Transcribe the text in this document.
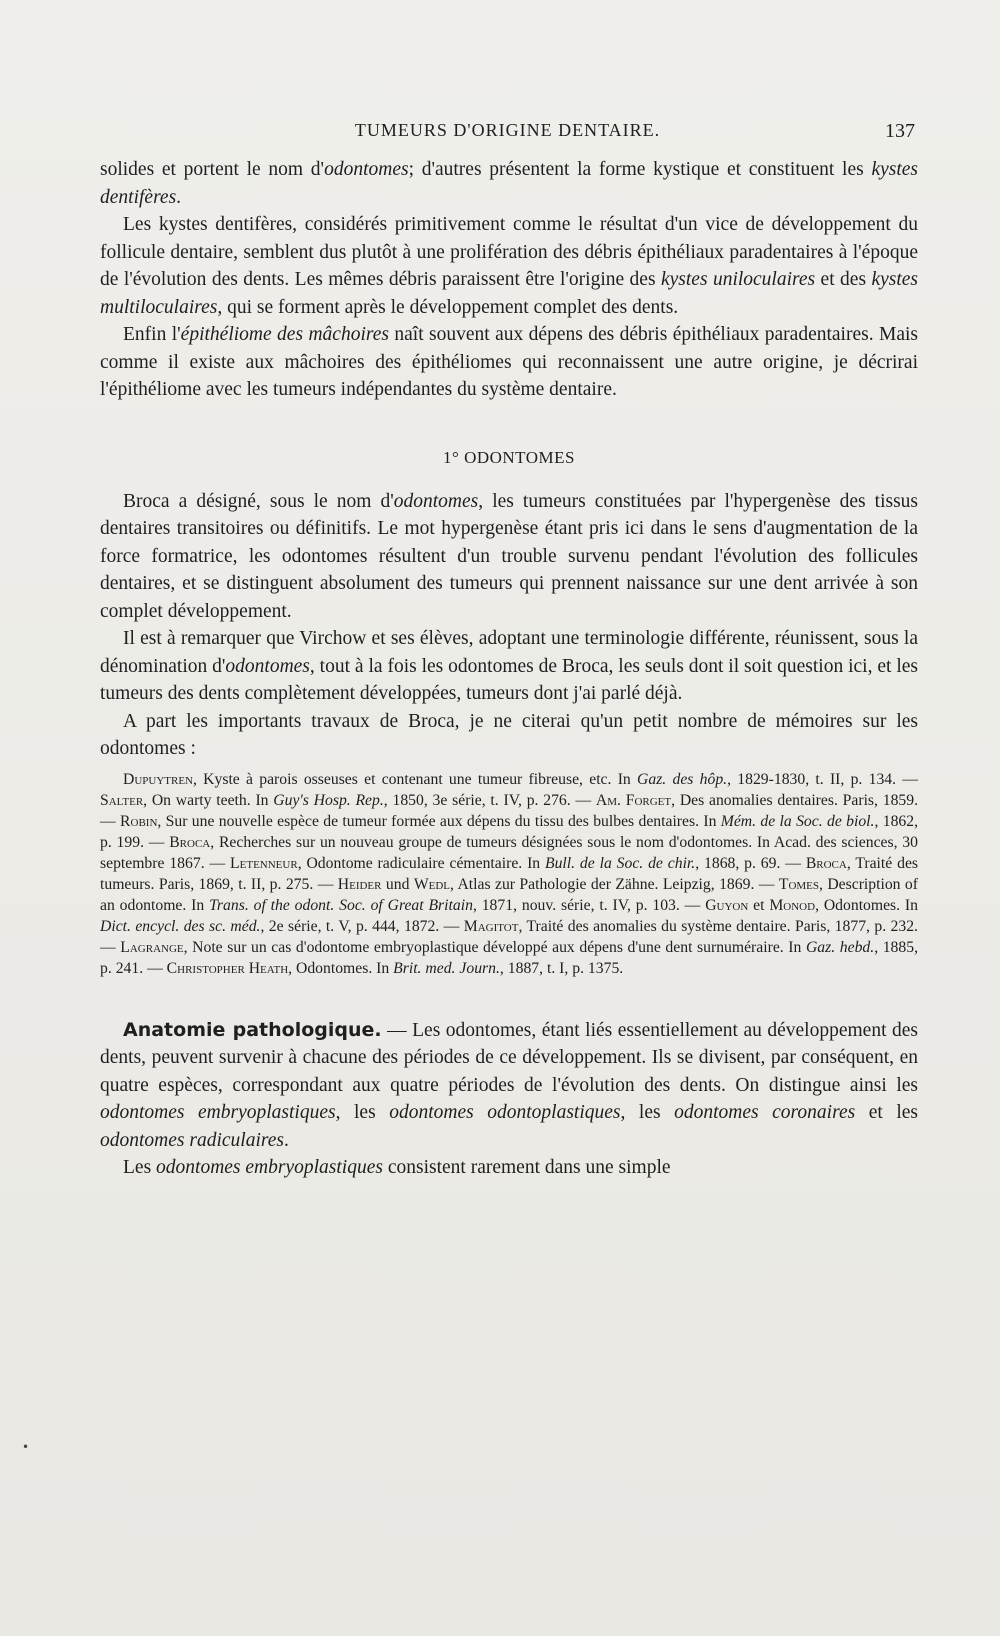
TUMEURS D'ORIGINE DENTAIRE.	137

solides et portent le nom d'odontomes; d'autres présentent la forme kystique et constituent les kystes dentifères.

Les kystes dentifères, considérés primitivement comme le résultat d'un vice de développement du follicule dentaire, semblent dus plutôt à une prolifération des débris épithéliaux paradentaires à l'époque de l'évolution des dents. Les mêmes débris paraissent être l'origine des kystes uniloculaires et des kystes multiloculaires, qui se forment après le développement complet des dents.

Enfin l'épithéliome des mâchoires naît souvent aux dépens des débris épithéliaux paradentaires. Mais comme il existe aux mâchoires des épithéliomes qui reconnaissent une autre origine, je décrirai l'épithéliome avec les tumeurs indépendantes du système dentaire.

1° ODONTOMES

Broca a désigné, sous le nom d'odontomes, les tumeurs constituées par l'hypergenèse des tissus dentaires transitoires ou définitifs. Le mot hypergenèse étant pris ici dans le sens d'augmentation de la force formatrice, les odontomes résultent d'un trouble survenu pendant l'évolution des follicules dentaires, et se distinguent absolument des tumeurs qui prennent naissance sur une dent arrivée à son complet développement.

Il est à remarquer que Virchow et ses élèves, adoptant une terminologie différente, réunissent, sous la dénomination d'odontomes, tout à la fois les odontomes de Broca, les seuls dont il soit question ici, et les tumeurs des dents complètement développées, tumeurs dont j'ai parlé déjà.

A part les importants travaux de Broca, je ne citerai qu'un petit nombre de mémoires sur les odontomes :

Dupuytren, Kyste à parois osseuses et contenant une tumeur fibreuse, etc. In Gaz. des hôp., 1829-1830, t. II, p. 134. — Salter, On warty teeth. In Guy's Hosp. Rep., 1850, 3e série, t. IV, p. 276. — Am. Forget, Des anomalies dentaires. Paris, 1859. — Robin, Sur une nouvelle espèce de tumeur formée aux dépens du tissu des bulbes dentaires. In Mém. de la Soc. de biol., 1862, p. 199. — Broca, Recherches sur un nouveau groupe de tumeurs désignées sous le nom d'odontomes. In Acad. des sciences, 30 septembre 1867. — Letenneur, Odontome radiculaire cémentaire. In Bull. de la Soc. de chir., 1868, p. 69. — Broca, Traité des tumeurs. Paris, 1869, t. II, p. 275. — Heider und Wedl, Atlas zur Pathologie der Zähne. Leipzig, 1869. — Tomes, Description of an odontome. In Trans. of the odont. Soc. of Great Britain, 1871, nouv. série, t. IV, p. 103. — Guyon et Monod, Odontomes. In Dict. encycl. des sc. méd., 2e série, t. V, p. 444, 1872. — Magitot, Traité des anomalies du système dentaire. Paris, 1877, p. 232. — Lagrange, Note sur un cas d'odontome embryoplastique développé aux dépens d'une dent surnuméraire. In Gaz. hebd., 1885, p. 241. — Christopher Heath, Odontomes. In Brit. med. Journ., 1887, t. I, p. 1375.

Anatomie pathologique. — Les odontomes, étant liés essentiellement au développement des dents, peuvent survenir à chacune des périodes de ce développement. Ils se divisent, par conséquent, en quatre espèces, correspondant aux quatre périodes de l'évolution des dents. On distingue ainsi les odontomes embryoplastiques, les odontomes odontoplastiques, les odontomes coronaires et les odontomes radiculaires.

Les odontomes embryoplastiques consistent rarement dans une simple

•
